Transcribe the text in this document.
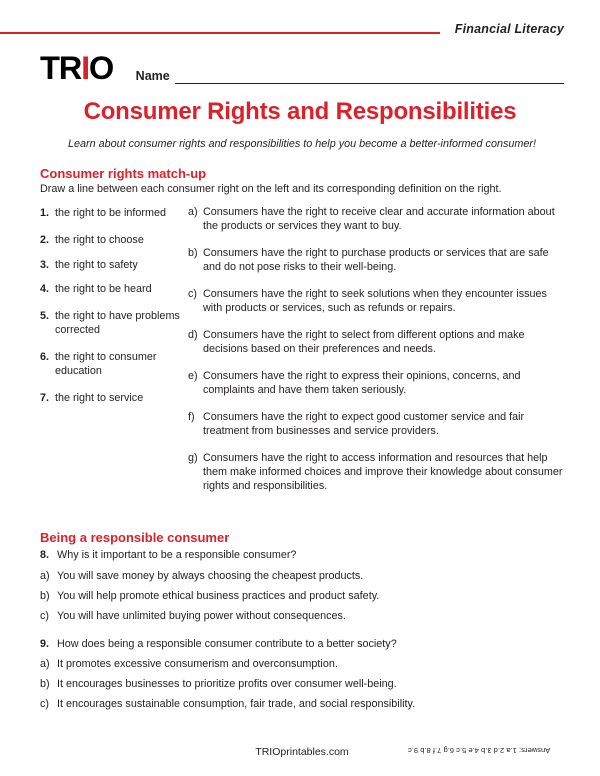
Financial Literacy
TRIO Name
Consumer Rights and Responsibilities
Learn about consumer rights and responsibilities to help you become a better-informed consumer!
Consumer rights match-up
Draw a line between each consumer right on the left and its corresponding definition on the right.
1. the right to be informed
2. the right to choose
3. the right to safety
4. the right to be heard
5. the right to have problems corrected
6. the right to consumer education
7. the right to service
a) Consumers have the right to receive clear and accurate information about the products or services they want to buy.
b) Consumers have the right to purchase products or services that are safe and do not pose risks to their well-being.
c) Consumers have the right to seek solutions when they encounter issues with products or services, such as refunds or repairs.
d) Consumers have the right to select from different options and make decisions based on their preferences and needs.
e) Consumers have the right to express their opinions, concerns, and complaints and have them taken seriously.
f) Consumers have the right to expect good customer service and fair treatment from businesses and service providers.
g) Consumers have the right to access information and resources that help them make informed choices and improve their knowledge about consumer rights and responsibilities.
Being a responsible consumer
8. Why is it important to be a responsible consumer?
a) You will save money by always choosing the cheapest products.
b) You will help promote ethical business practices and product safety.
c) You will have unlimited buying power without consequences.
9. How does being a responsible consumer contribute to a better society?
a) It promotes excessive consumerism and overconsumption.
b) It encourages businesses to prioritize profits over consumer well-being.
c) It encourages sustainable consumption, fair trade, and social responsibility.
TRIOprintables.com	Answers: 1.a 2.d 3.b 4.e 5.c 6.g 7.f 8.b 9.c
